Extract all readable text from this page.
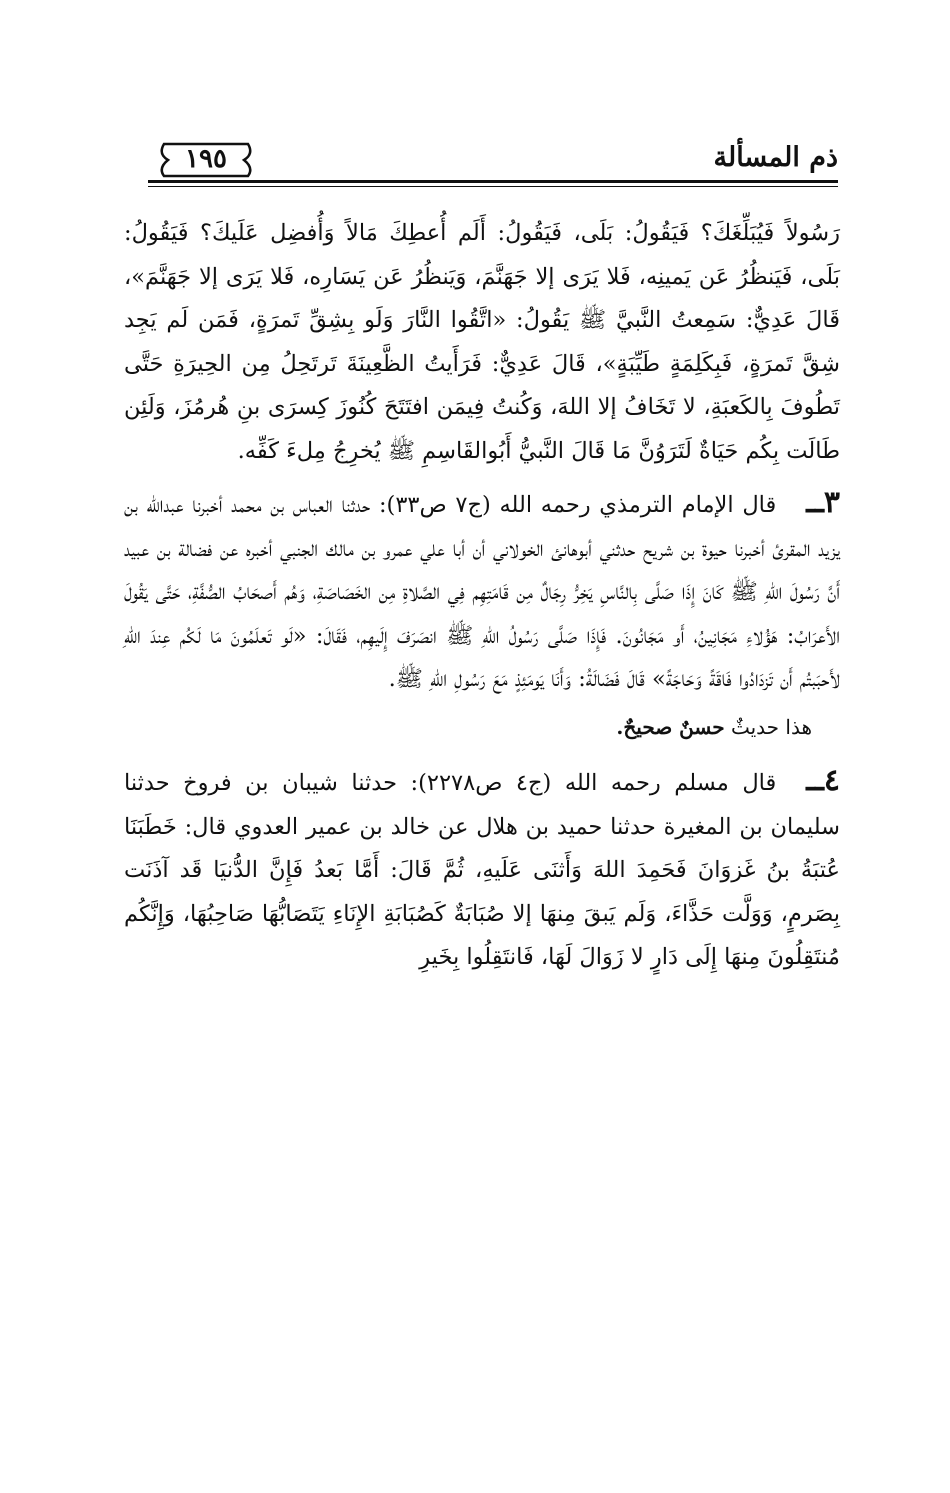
ذم المسألة
١٩٥

رَسُولاً فَيُبَلِّغَكَ؟ فَيَقُولُ: بَلَى، فَيَقُولُ: أَلَم أُعطِكَ مَالاً وَأُفضِل عَلَيكَ؟ فَيَقُولُ: بَلَى، فَيَنظُرُ عَن يَمينِه، فَلا يَرَى إلا جَهَنَّمَ، وَيَنظُرُ عَن يَسَارِه، فَلا يَرَى إلا جَهَنَّمَ»، قَالَ عَدِيٌّ: سَمِعتُ النَّبيَّ ﷺ يَقُولُ: «اتَّقُوا النَّارَ وَلَو بِشِقِّ تَمرَةٍ، فَمَن لَم يَجِد شِقَّ تَمرَةٍ، فَبِكَلِمَةٍ طَيِّبَةٍ»، قَالَ عَدِيٌّ: فَرَأَيتُ الظَّعِينَةَ تَرتَحِلُ مِن الحِيرَةِ حَتَّى تَطُوفَ بِالكَعبَةِ، لا تَخَافُ إلا اللهَ، وَكُنتُ فِيمَن افتَتَحَ كُنُوزَ كِسرَى بنِ هُرمُزَ، وَلَئِن طَالَت بِكُم حَيَاةٌ لَتَرَوُنَّ مَا قَالَ النَّبيُّ أَبُوالقَاسِمِ ﷺ يُخرِجُ مِلءَ كَفِّه.

٣ــقال الإمام الترمذي رحمه الله (ج٧ ص٣٣): حدثنا العباس بن محمد أخبرنا عبدالله بن يزيد المقرئ أخبرنا حيوة بن شريح حدثني أبوهانئ الخولاني أن أبا علي عمرو بن مالك الجنبي أخبره عن فضالة بن عبيد أَنَّ رَسُولَ اللهِ ﷺ كَانَ إِذَا صَلَّى بِالنَّاسِ يَخِرُّ رِجَالٌ مِن قَامَتِهِم فِي الصَّلاةِ مِن الخَصَاصَةِ، وَهُم أَصحَابُ الصُّفَّةِ، حَتَّى يَقُولَ الأَعرَابُ: هَؤُلاءِ مَجَانِينُ، أَو مَجَانُونَ. فَإِذَا صَلَّى رَسُولُ اللهِ ﷺ انصَرَفَ إِلَيهِم، فَقَالَ: «لَو تَعلَمُونَ مَا لَكُم عِندَ اللهِ لأَحبَبتُم أَن تَزدَادُوا فَاقَةً وَحَاجَةً» قَالَ فَضَالَةُ: وَأَنَا يَومَئِذٍ مَعَ رَسُولِ اللهِ ﷺ.

هذا حديثٌ حسنٌ صحيحٌ.

٤ــقال مسلم رحمه الله (ج٤ ص٢٢٧٨): حدثنا شيبان بن فروخ حدثنا سليمان بن المغيرة حدثنا حميد بن هلال عن خالد بن عمير العدوي قال: خَطَبَنَا عُتبَةُ بنُ غَزوَانَ فَحَمِدَ اللهَ وَأَثنَى عَلَيهِ، ثُمَّ قَالَ: أَمَّا بَعدُ فَإِنَّ الدُّنيَا قَد آذَنَت بِصَرمٍ، وَوَلَّت حَذَّاءَ، وَلَم يَبقَ مِنهَا إلا صُبَابَةٌ كَصُبَابَةِ الإِنَاءِ يَتَصَابُّهَا صَاحِبُهَا، وَإِنَّكُم مُنتَقِلُونَ مِنهَا إِلَى دَارٍ لا زَوَالَ لَهَا، فَانتَقِلُوا بِخَيرِ
